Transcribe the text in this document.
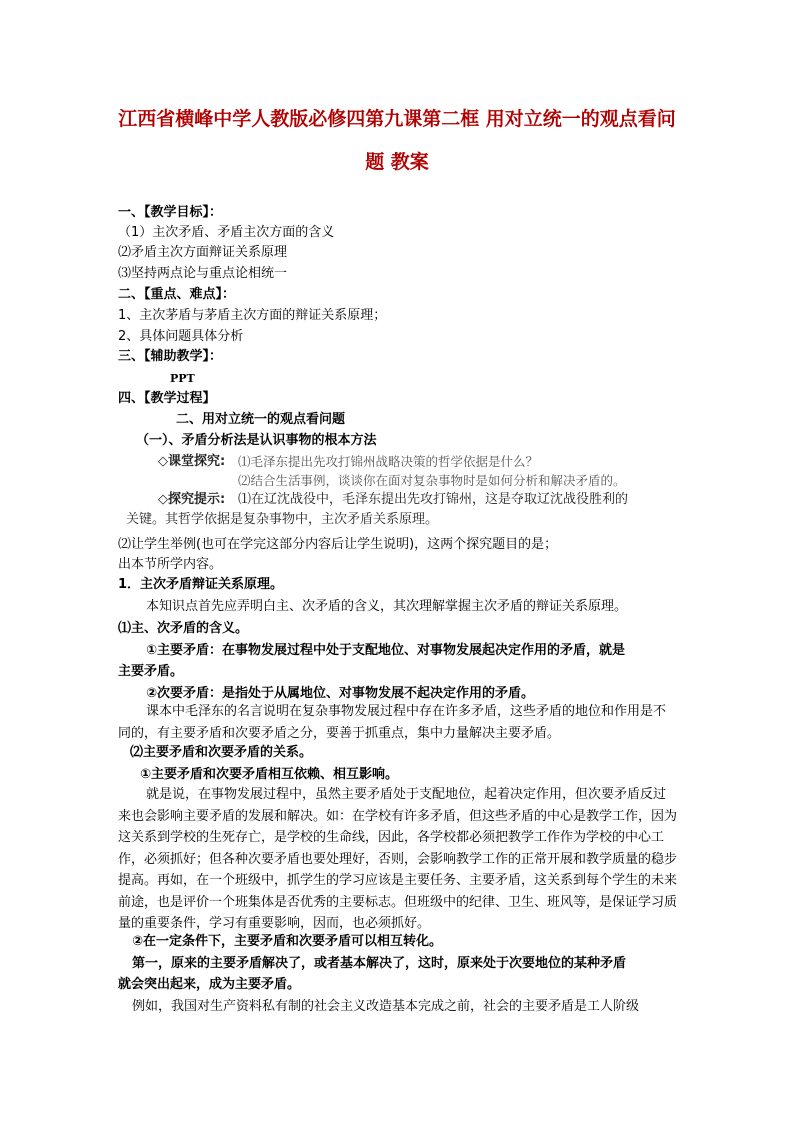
江西省横峰中学人教版必修四第九课第二框 用对立统一的观点看问
题 教案
一、【教学目标】：
（1）主次矛盾、矛盾主次方面的含义
⑵矛盾主次方面辩证关系原理
⑶坚持两点论与重点论相统一
二、【重点、难点】：
1、主次茅盾与茅盾主次方面的辩证关系原理；
2、具体问题具体分析
三、【辅助教学】：
PPT
四、【教学过程】
二、用对立统一的观点看问题
（一）、矛盾分析法是认识事物的根本方法
◇课堂探究: ⑴毛泽东提出先攻打锦州战略决策的哲学依据是什么？
⑵结合生活事例，谈谈你在面对复杂事物时是如何分析和解决矛盾的。
◇探究提示: ⑴在辽沈战役中，毛泽东提出先攻打锦州，这是夺取辽沈战役胜利的
关键。其哲学依据是复杂事物中，主次矛盾关系原理。
⑵让学生举例(也可在学完这部分内容后让学生说明)，这两个探究题目的是；
出本节所学内容。
1．主次矛盾辩证关系原理。
本知识点首先应弄明白主、次矛盾的含义，其次理解掌握主次矛盾的辩证关系原理。
⑴主、次矛盾的含义。
①主要矛盾：在事物发展过程中处于支配地位、对事物发展起决定作用的矛盾，就是
主要矛盾。
②次要矛盾：是指处于从属地位、对事物发展不起决定作用的矛盾。
课本中毛泽东的名言说明在复杂事物发展过程中存在许多矛盾，这些矛盾的地位和作用是不同的，有主要矛盾和次要矛盾之分，要善于抓重点，集中力量解决主要矛盾。
⑵主要矛盾和次要矛盾的关系。
①主要矛盾和次要矛盾相互依赖、相互影响。
就是说，在事物发展过程中，虽然主要矛盾处于支配地位，起着决定作用，但次要矛盾反过来也会影响主要矛盾的发展和解决。如：在学校有许多矛盾，但这些矛盾的中心是教学工作，因为这关系到学校的生死存亡，是学校的生命线，因此，各学校都必须把教学工作作为学校的中心工作，必须抓好；但各种次要矛盾也要处理好，否则，会影响教学工作的正常开展和教学质量的稳步提高。再如，在一个班级中，抓学生的学习应该是主要任务、主要矛盾，这关系到每个学生的未来前途，也是评价一个班集体是否优秀的主要标志。但班级中的纪律、卫生、班风等，是保证学习质量的重要条件，学习有重要影响，因而，也必须抓好。
②在一定条件下，主要矛盾和次要矛盾可以相互转化。
第一，原来的主要矛盾解决了，或者基本解决了，这时，原来处于次要地位的某种矛盾
就会突出起来，成为主要矛盾。
例如，我国对生产资料私有制的社会主义改造基本完成之前，社会的主要矛盾是工人阶级
